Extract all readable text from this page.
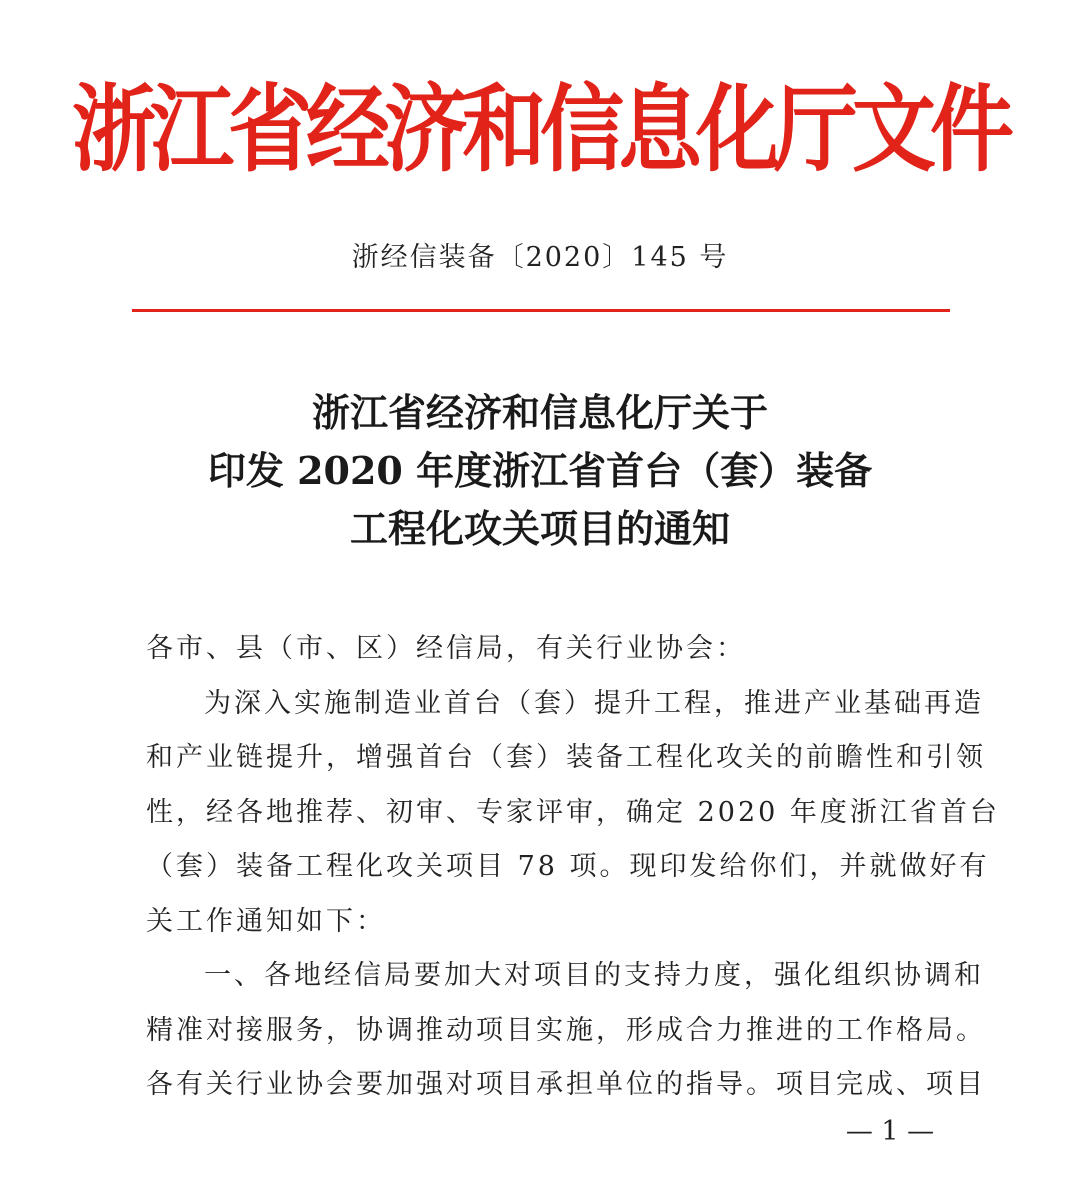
浙江省经济和信息化厅文件
浙经信装备〔2020〕145 号
浙江省经济和信息化厅关于
印发 2020 年度浙江省首台（套）装备
工程化攻关项目的通知
各市、县（市、区）经信局，有关行业协会：
为深入实施制造业首台（套）提升工程，推进产业基础再造
和产业链提升，增强首台（套）装备工程化攻关的前瞻性和引领
性，经各地推荐、初审、专家评审，确定 2020 年度浙江省首台
（套）装备工程化攻关项目 78 项。现印发给你们，并就做好有
关工作通知如下：
一、各地经信局要加大对项目的支持力度，强化组织协调和
精准对接服务，协调推动项目实施，形成合力推进的工作格局。
各有关行业协会要加强对项目承担单位的指导。项目完成、项目
— 1 —
